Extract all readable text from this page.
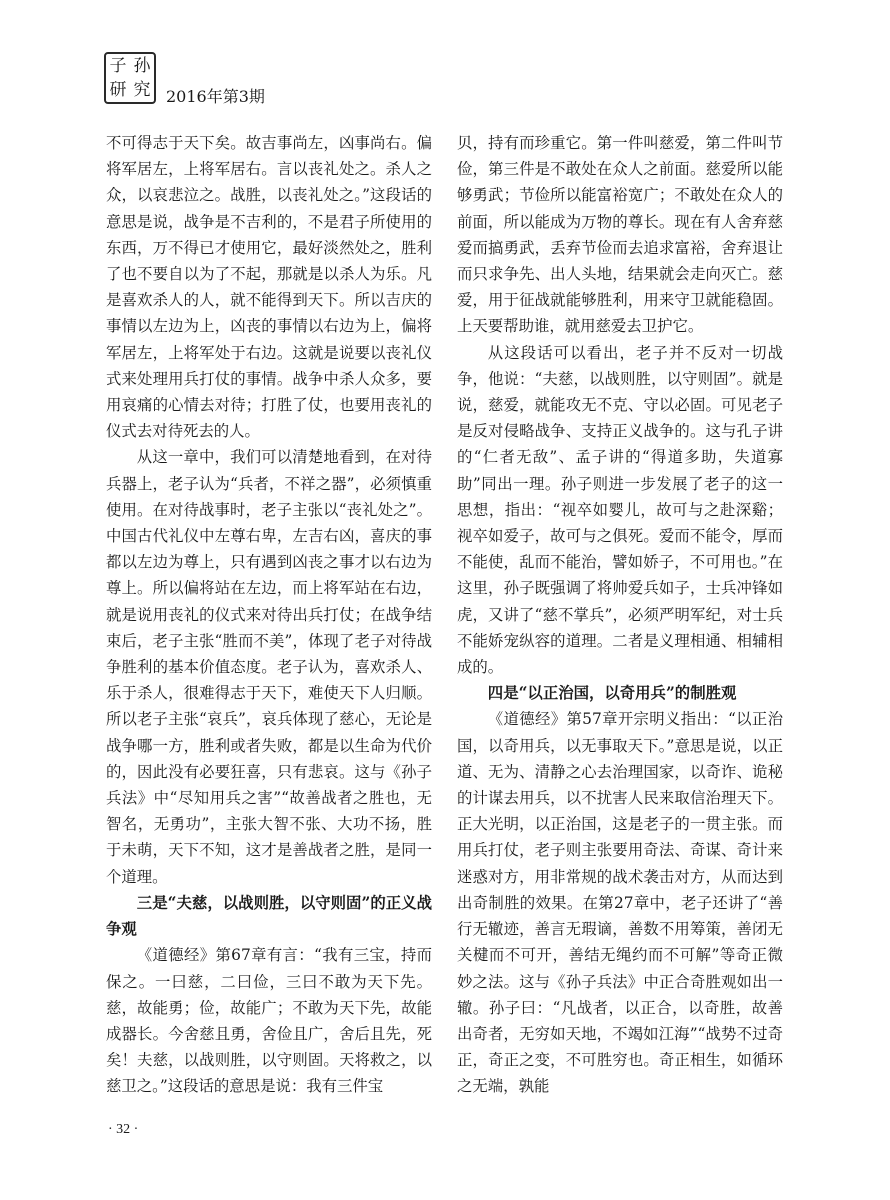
子 孙
研 究 2016年第3期

不可得志于天下矣。故吉事尚左，凶事尚右。偏将军居左，上将军居右。言以丧礼处之。杀人之众，以哀悲泣之。战胜，以丧礼处之。”这段话的意思是说，战争是不吉利的，不是君子所使用的东西，万不得已才使用它，最好淡然处之，胜利了也不要自以为了不起，那就是以杀人为乐。凡是喜欢杀人的人，就不能得到天下。所以吉庆的事情以左边为上，凶丧的事情以右边为上，偏将军居左，上将军处于右边。这就是说要以丧礼仪式来处理用兵打仗的事情。战争中杀人众多，要用哀痛的心情去对待；打胜了仗，也要用丧礼的仪式去对待死去的人。

从这一章中，我们可以清楚地看到，在对待兵器上，老子认为“兵者，不祥之器”，必须慎重使用。在对待战事时，老子主张以“丧礼处之”。中国古代礼仪中左尊右卑，左吉右凶，喜庆的事都以左边为尊上，只有遇到凶丧之事才以右边为尊上。所以偏将站在左边，而上将军站在右边，就是说用丧礼的仪式来对待出兵打仗；在战争结束后，老子主张“胜而不美”，体现了老子对待战争胜利的基本价值态度。老子认为，喜欢杀人、乐于杀人，很难得志于天下，难使天下人归顺。所以老子主张“哀兵”，哀兵体现了慈心，无论是战争哪一方，胜利或者失败，都是以生命为代价的，因此没有必要狂喜，只有悲哀。这与《孙子兵法》中“尽知用兵之害”“故善战者之胜也，无智名，无勇功”，主张大智不张、大功不扬，胜于未萌，天下不知，这才是善战者之胜，是同一个道理。

三是“夫慈，以战则胜，以守则固”的正义战争观

《道德经》第67章有言：“我有三宝，持而保之。一曰慈，二曰俭，三曰不敢为天下先。慈，故能勇；俭，故能广；不敢为天下先，故能成器长。今舍慈且勇，舍俭且广，舍后且先，死矣！夫慈，以战则胜，以守则固。天将救之，以慈卫之。”这段话的意思是说：我有三件宝

贝，持有而珍重它。第一件叫慈爱，第二件叫节俭，第三件是不敢处在众人之前面。慈爱所以能够勇武；节俭所以能富裕宽广；不敢处在众人的前面，所以能成为万物的尊长。现在有人舍弃慈爱而搞勇武，丢弃节俭而去追求富裕，舍弃退让而只求争先、出人头地，结果就会走向灭亡。慈爱，用于征战就能够胜利，用来守卫就能稳固。上天要帮助谁，就用慈爱去卫护它。

从这段话可以看出，老子并不反对一切战争，他说：“夫慈，以战则胜，以守则固”。就是说，慈爱，就能攻无不克、守以必固。可见老子是反对侵略战争、支持正义战争的。这与孔子讲的“仁者无敌”、孟子讲的“得道多助，失道寡助”同出一理。孙子则进一步发展了老子的这一思想，指出：“视卒如婴儿，故可与之赴深谿；视卒如爱子，故可与之俱死。爱而不能令，厚而不能使，乱而不能治，譬如娇子，不可用也。”在这里，孙子既强调了将帅爱兵如子，士兵冲锋如虎，又讲了“慈不掌兵”，必须严明军纪，对士兵不能娇宠纵容的道理。二者是义理相通、相辅相成的。

四是“以正治国，以奇用兵”的制胜观

《道德经》第57章开宗明义指出：“以正治国，以奇用兵，以无事取天下。”意思是说，以正道、无为、清静之心去治理国家，以奇诈、诡秘的计谋去用兵，以不扰害人民来取信治理天下。正大光明，以正治国，这是老子的一贯主张。而用兵打仗，老子则主张要用奇法、奇谋、奇计来迷惑对方，用非常规的战术袭击对方，从而达到出奇制胜的效果。在第27章中，老子还讲了“善行无辙迹，善言无瑕谪，善数不用筹策，善闭无关楗而不可开，善结无绳约而不可解”等奇正微妙之法。这与《孙子兵法》中正合奇胜观如出一辙。孙子曰：“凡战者，以正合，以奇胜，故善出奇者，无穷如天地，不竭如江海”“战势不过奇正，奇正之变，不可胜穷也。奇正相生，如循环之无端，孰能

· 32 ·
